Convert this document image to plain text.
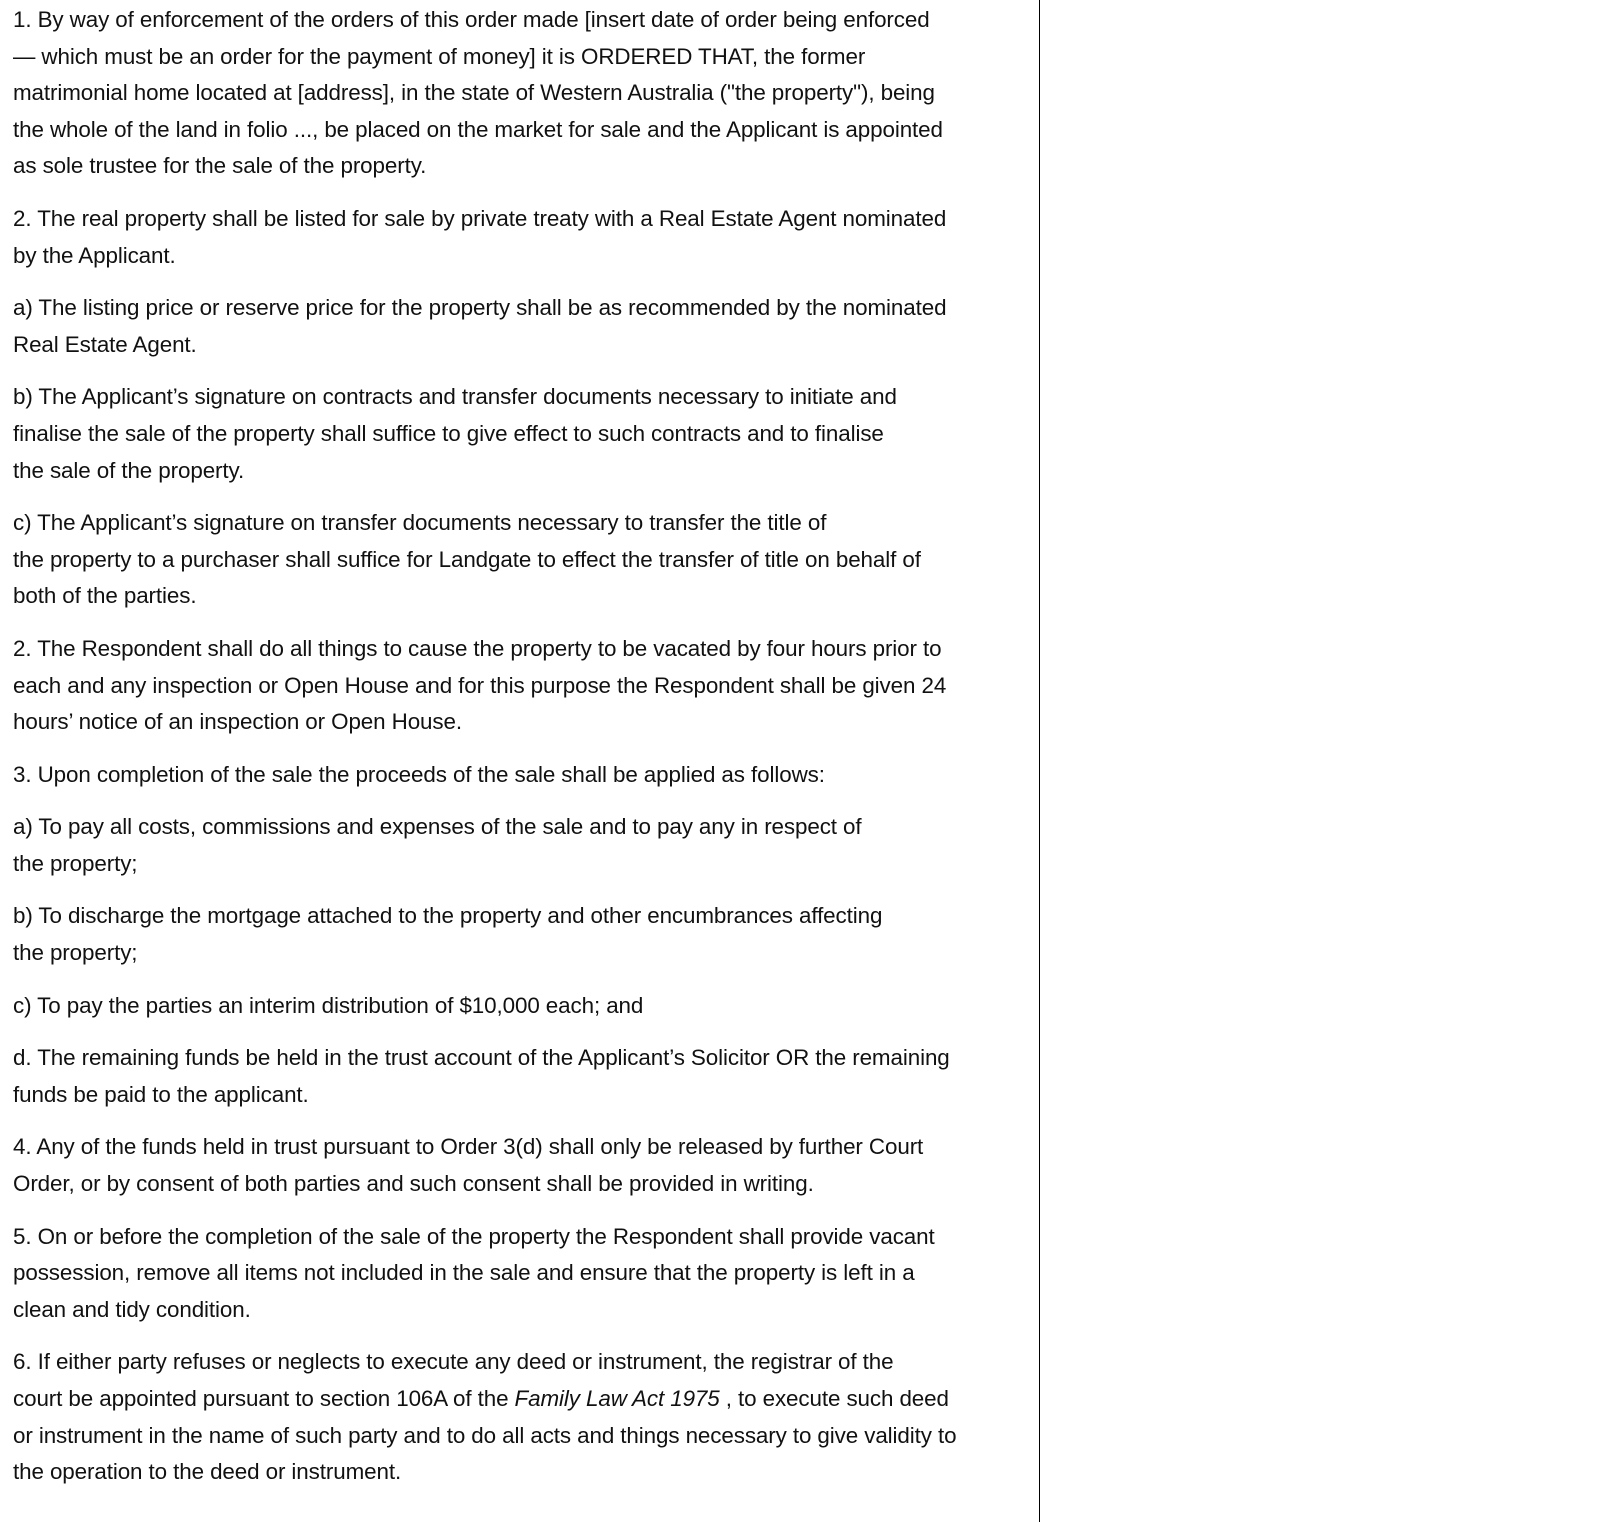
1. By way of enforcement of the orders of this order made [insert date of order being enforced
— which must be an order for the payment of money] it is ORDERED THAT, the former
matrimonial home located at [address], in the state of Western Australia ("the property"), being
the whole of the land in folio ..., be placed on the market for sale and the Applicant is appointed
as sole trustee for the sale of the property.

2. The real property shall be listed for sale by private treaty with a Real Estate Agent nominated
by the Applicant.

a) The listing price or reserve price for the property shall be as recommended by the nominated
Real Estate Agent.

b) The Applicant’s signature on contracts and transfer documents necessary to initiate and
finalise the sale of the property shall suffice to give effect to such contracts and to finalise
the sale of the property.

c) The Applicant’s signature on transfer documents necessary to transfer the title of
the property to a purchaser shall suffice for Landgate to effect the transfer of title on behalf of
both of the parties.

2. The Respondent shall do all things to cause the property to be vacated by four hours prior to
each and any inspection or Open House and for this purpose the Respondent shall be given 24
hours’ notice of an inspection or Open House.

3. Upon completion of the sale the proceeds of the sale shall be applied as follows:

a) To pay all costs, commissions and expenses of the sale and to pay any in respect of
the property;

b) To discharge the mortgage attached to the property and other encumbrances affecting
the property;

c) To pay the parties an interim distribution of $10,000 each; and

d. The remaining funds be held in the trust account of the Applicant’s Solicitor OR the remaining
funds be paid to the applicant.

4. Any of the funds held in trust pursuant to Order 3(d) shall only be released by further Court
Order, or by consent of both parties and such consent shall be provided in writing.

5. On or before the completion of the sale of the property the Respondent shall provide vacant
possession, remove all items not included in the sale and ensure that the property is left in a
clean and tidy condition.

6. If either party refuses or neglects to execute any deed or instrument, the registrar of the
court be appointed pursuant to section 106A of the Family Law Act 1975 , to execute such deed
or instrument in the name of such party and to do all acts and things necessary to give validity to
the operation to the deed or instrument.
